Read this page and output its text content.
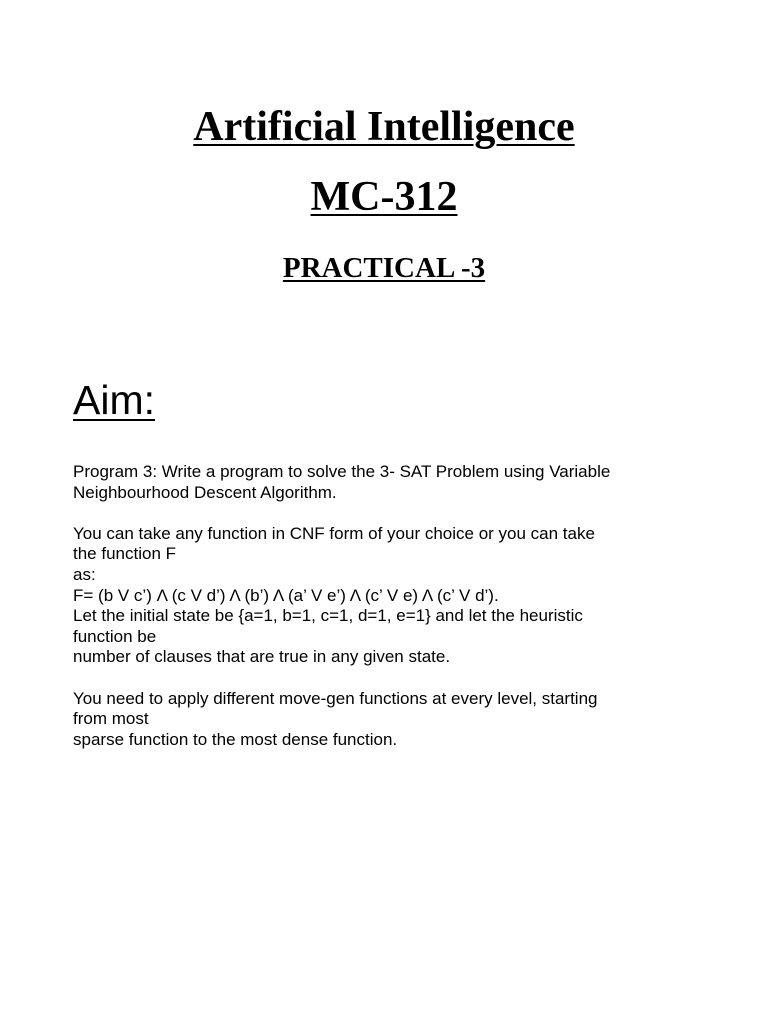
Artificial Intelligence
MC-312
PRACTICAL -3
Aim:
Program 3: Write a program to solve the 3- SAT Problem using Variable
Neighbourhood Descent Algorithm.
You can take any function in CNF form of your choice or you can take
the function F
as:
F= (b V c’) Λ (c V d’) Λ (b’) Λ (a’ V e’) Λ (c’ V e) Λ (c’ V d’).
Let the initial state be {a=1, b=1, c=1, d=1, e=1} and let the heuristic
function be
number of clauses that are true in any given state.
You need to apply different move-gen functions at every level, starting
from most
sparse function to the most dense function.
